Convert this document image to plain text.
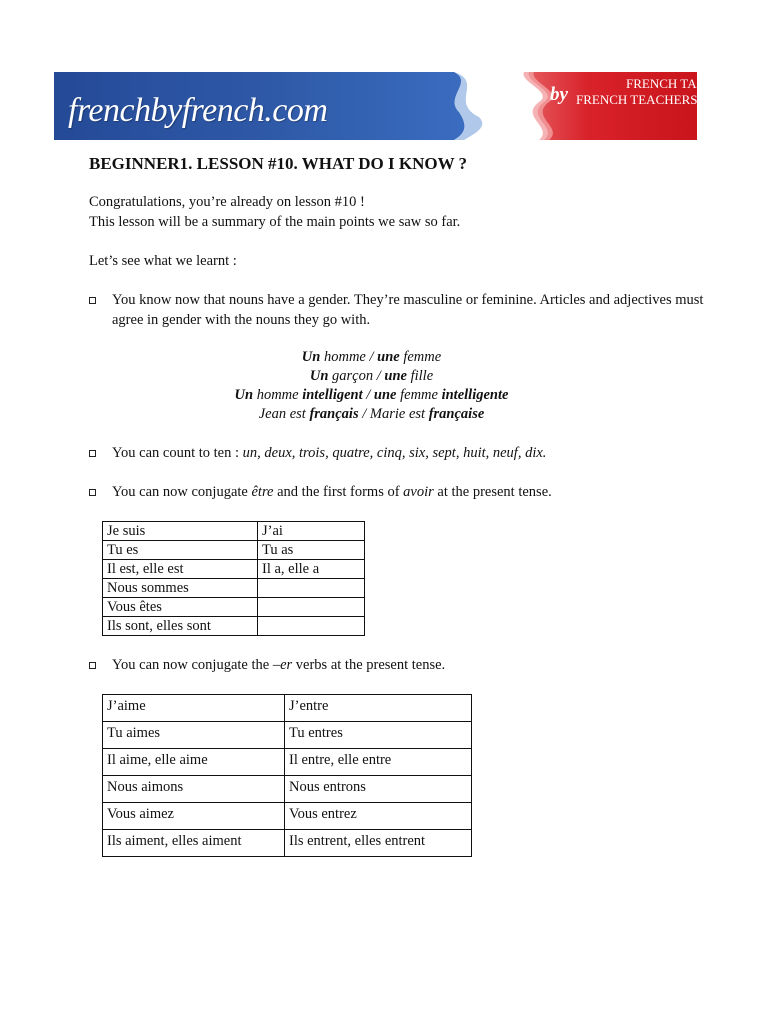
frenchbyfrench.com
FRENCH TAUGHT
by FRENCH TEACHERS
BEGINNER1. LESSON #10. WHAT DO I KNOW ?

Congratulations, you’re already on lesson #10 !

This lesson will be a summary of the main points we saw so far.

Let’s see what we learnt :

You know now that nouns have a gender. They’re masculine or feminine. Articles and adjectives must agree in gender with the nouns they go with.
Un homme / une femme
Un garçon / une fille
Un homme intelligent / une femme intelligente
Jean est français / Marie est française
You can count to ten : un, deux, trois, quatre, cinq, six, sept, huit, neuf, dix.
You can now conjugate être and the first forms of avoir at the present tense.
Je suis	J’ai
Tu es	Tu as
Il est, elle est	Il a, elle a
Nous sommes	
Vous êtes	
Ils sont, elles sont	
You can now conjugate the –er verbs at the present tense.
J’aime	J’entre
Tu aimes	Tu entres
Il aime, elle aime	Il entre, elle entre
Nous aimons	Nous entrons
Vous aimez	Vous entrez
Ils aiment, elles aiment	Ils entrent, elles entrent
